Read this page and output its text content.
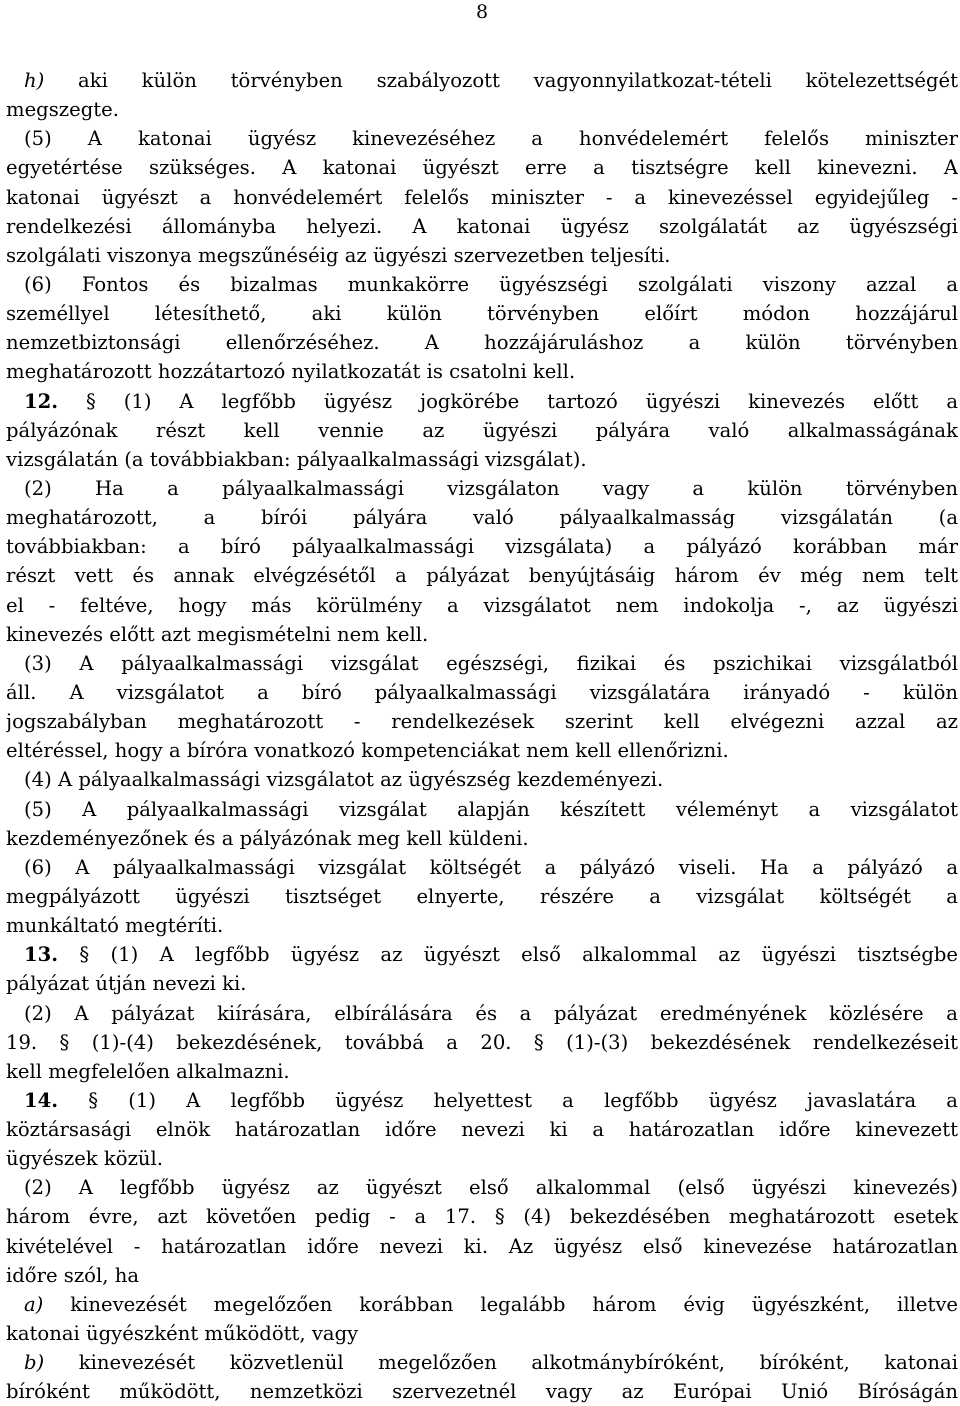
8
h) aki külön törvényben szabályozott vagyonnyilatkozat-tételi kötelezettségét
megszegte.
(5) A katonai ügyész kinevezéséhez a honvédelemért felelős miniszter
egyetértése szükséges. A katonai ügyészt erre a tisztségre kell kinevezni. A
katonai ügyészt a honvédelemért felelős miniszter - a kinevezéssel egyidejűleg -
rendelkezési állományba helyezi. A katonai ügyész szolgálatát az ügyészségi
szolgálati viszonya megszűnéséig az ügyészi szervezetben teljesíti.
(6) Fontos és bizalmas munkakörre ügyészségi szolgálati viszony azzal a
személlyel létesíthető, aki külön törvényben előírt módon hozzájárul
nemzetbiztonsági ellenőrzéséhez. A hozzájáruláshoz a külön törvényben
meghatározott hozzátartozó nyilatkozatát is csatolni kell.
12. § (1) A legfőbb ügyész jogkörébe tartozó ügyészi kinevezés előtt a
pályázónak részt kell vennie az ügyészi pályára való alkalmasságának
vizsgálatán (a továbbiakban: pályaalkalmassági vizsgálat).
(2) Ha a pályaalkalmassági vizsgálaton vagy a külön törvényben
meghatározott, a bírói pályára való pályaalkalmasság vizsgálatán (a
továbbiakban: a bíró pályaalkalmassági vizsgálata) a pályázó korábban már
részt vett és annak elvégzésétől a pályázat benyújtásáig három év még nem telt
el - feltéve, hogy más körülmény a vizsgálatot nem indokolja -, az ügyészi
kinevezés előtt azt megismételni nem kell.
(3) A pályaalkalmassági vizsgálat egészségi, fizikai és pszichikai vizsgálatból
áll. A vizsgálatot a bíró pályaalkalmassági vizsgálatára irányadó - külön
jogszabályban meghatározott - rendelkezések szerint kell elvégezni azzal az
eltéréssel, hogy a bíróra vonatkozó kompetenciákat nem kell ellenőrizni.
(4) A pályaalkalmassági vizsgálatot az ügyészség kezdeményezi.
(5) A pályaalkalmassági vizsgálat alapján készített véleményt a vizsgálatot
kezdeményezőnek és a pályázónak meg kell küldeni.
(6) A pályaalkalmassági vizsgálat költségét a pályázó viseli. Ha a pályázó a
megpályázott ügyészi tisztséget elnyerte, részére a vizsgálat költségét a
munkáltató megtéríti.
13. § (1) A legfőbb ügyész az ügyészt első alkalommal az ügyészi tisztségbe
pályázat útján nevezi ki.
(2) A pályázat kiírására, elbírálására és a pályázat eredményének közlésére a
19. § (1)-(4) bekezdésének, továbbá a 20. § (1)-(3) bekezdésének rendelkezéseit
kell megfelelően alkalmazni.
14. § (1) A legfőbb ügyész helyettest a legfőbb ügyész javaslatára a
köztársasági elnök határozatlan időre nevezi ki a határozatlan időre kinevezett
ügyészek közül.
(2) A legfőbb ügyész az ügyészt első alkalommal (első ügyészi kinevezés)
három évre, azt követően pedig - a 17. § (4) bekezdésében meghatározott esetek
kivételével - határozatlan időre nevezi ki. Az ügyész első kinevezése határozatlan
időre szól, ha
a) kinevezését megelőzően korábban legalább három évig ügyészként, illetve
katonai ügyészként működött, vagy
b) kinevezését közvetlenül megelőzően alkotmánybíróként, bíróként, katonai
bíróként működött, nemzetközi szervezetnél vagy az Európai Unió Bíróságán
